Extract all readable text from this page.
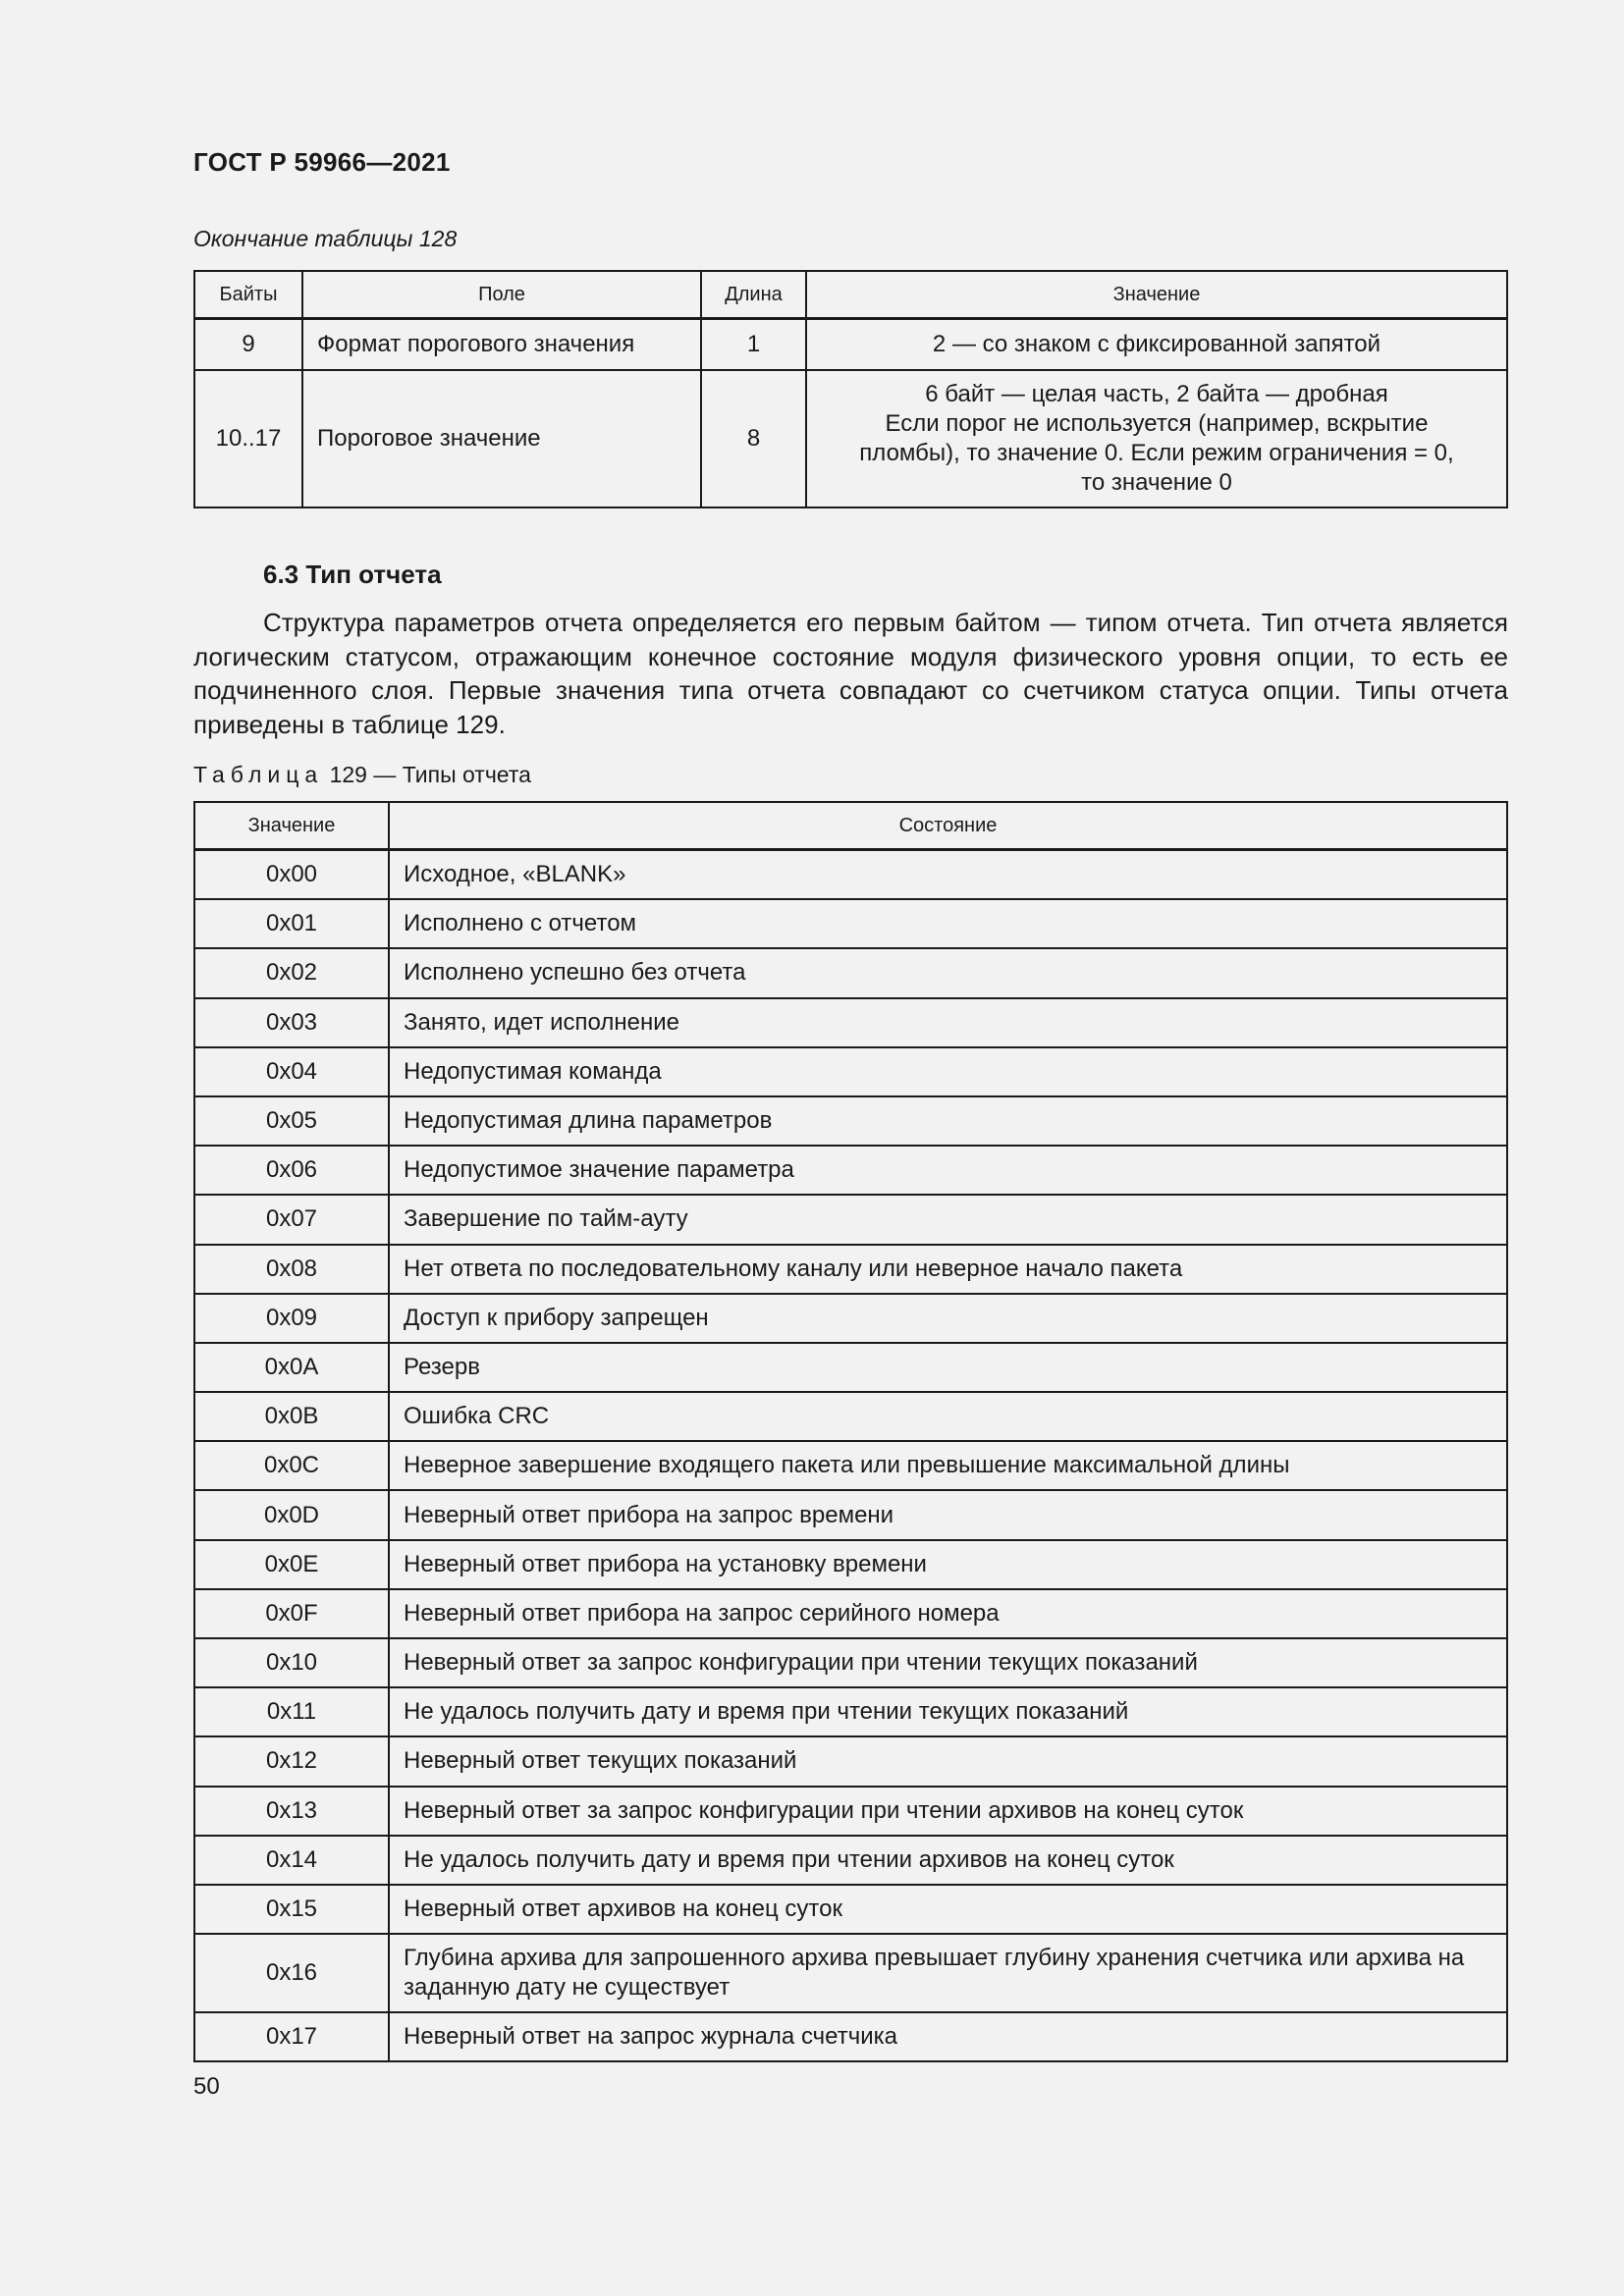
ГОСТ Р 59966—2021
Окончание таблицы 128
Байты	Поле	Длина	Значение
9	Формат порогового значения	1	2 — со знаком с фиксированной запятой

10..17	Пороговое значение	8	6 байт — целая часть, 2 байта — дробная
Если порог не используется (например, вскрытие
пломбы), то значение 0. Если режим ограничения = 0,
то значение 0
6.3 Тип отчета
Структура параметров отчета определяется его первым байтом — типом отчета. Тип отчета является логическим статусом, отражающим конечное состояние модуля физического уровня опции, то есть ее подчиненного слоя. Первые значения типа отчета совпадают со счетчиком статуса опции. Типы отчета приведены в таблице 129.
Таблица 129 — Типы отчета
Значение	Состояние
0x00	Исходное, «BLANK»
0x01	Исполнено с отчетом
0x02	Исполнено успешно без отчета
0x03	Занято, идет исполнение
0x04	Недопустимая команда
0x05	Недопустимая длина параметров
0x06	Недопустимое значение параметра
0x07	Завершение по тайм-ауту
0x08	Нет ответа по последовательному каналу или неверное начало пакета
0x09	Доступ к прибору запрещен
0x0A	Резерв
0x0B	Ошибка CRC
0x0C	Неверное завершение входящего пакета или превышение максимальной длины
0x0D	Неверный ответ прибора на запрос времени
0x0E	Неверный ответ прибора на установку времени
0x0F	Неверный ответ прибора на запрос серийного номера
0x10	Неверный ответ за запрос конфигурации при чтении текущих показаний
0x11	Не удалось получить дату и время при чтении текущих показаний
0x12	Неверный ответ текущих показаний
0x13	Неверный ответ за запрос конфигурации при чтении архивов на конец суток
0x14	Не удалось получить дату и время при чтении архивов на конец суток
0x15	Неверный ответ архивов на конец суток
0x16	Глубина архива для запрошенного архива превышает глубину хранения счетчика или архива на заданную дату не существует
0x17	Неверный ответ на запрос журнала счетчика
50
